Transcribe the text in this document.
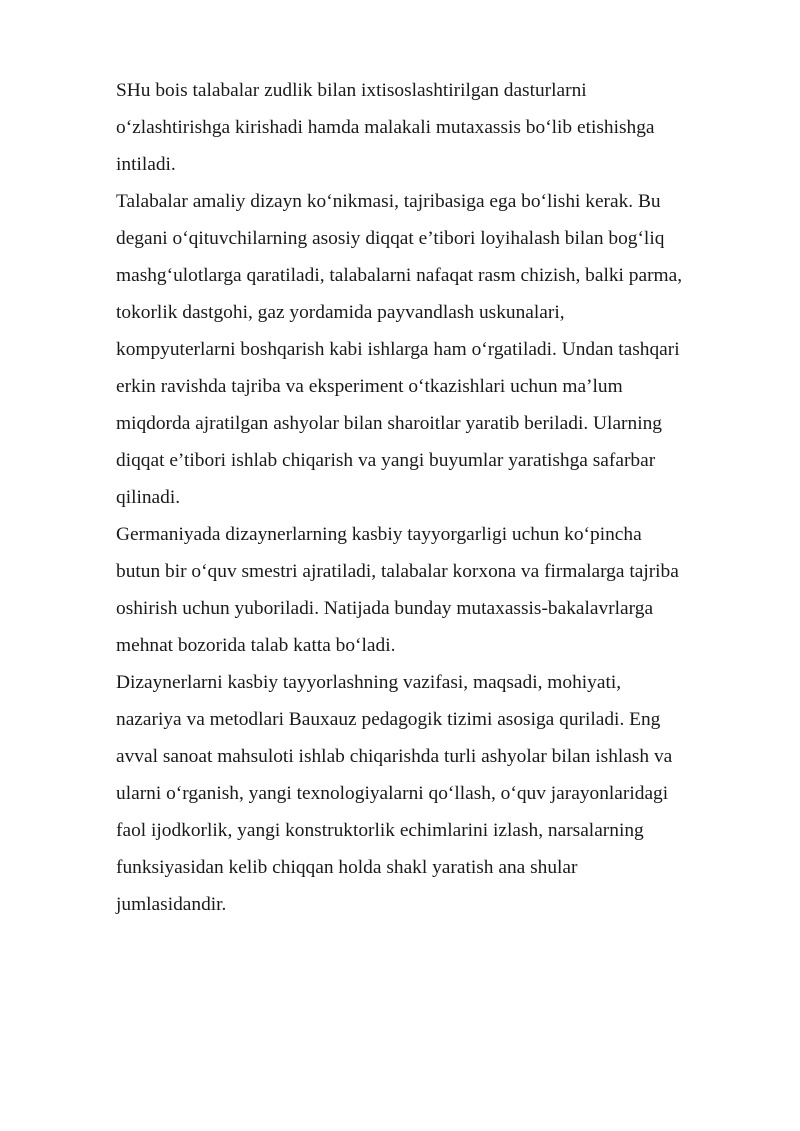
SHu bois talabalar zudlik bilan ixtisoslashtirilgan dasturlarni
o‘zlashtirishga kirishadi hamda malakali mutaxassis bo‘lib etishishga
intiladi.

Talabalar amaliy dizayn ko‘nikmasi, tajribasiga ega bo‘lishi kerak. Bu
degani o‘qituvchilarning asosiy diqqat e’tibori loyihalash bilan bog‘liq
mashg‘ulotlarga qaratiladi, talabalarni nafaqat rasm chizish, balki parma,
tokorlik dastgohi, gaz yordamida payvandlash uskunalari,
kompyuterlarni boshqarish kabi ishlarga ham o‘rgatiladi. Undan tashqari
erkin ravishda tajriba va eksperiment o‘tkazishlari uchun ma’lum
miqdorda ajratilgan ashyolar bilan sharoitlar yaratib beriladi. Ularning
diqqat e’tibori ishlab chiqarish va yangi buyumlar yaratishga safarbar
qilinadi.

Germaniyada dizaynerlarning kasbiy tayyorgarligi uchun ko‘pincha
butun bir o‘quv smestri ajratiladi, talabalar korxona va firmalarga tajriba
oshirish uchun yuboriladi. Natijada bunday mutaxassis-bakalavrlarga
mehnat bozorida talab katta bo‘ladi.

Dizaynerlarni kasbiy tayyorlashning vazifasi, maqsadi, mohiyati,
nazariya va metodlari Bauxauz pedagogik tizimi asosiga quriladi. Eng
avval sanoat mahsuloti ishlab chiqarishda turli ashyolar bilan ishlash va
ularni o‘rganish, yangi texnologiyalarni qo‘llash, o‘quv jarayonlaridagi
faol ijodkorlik, yangi konstruktorlik echimlarini izlash, narsalarning
funksiyasidan kelib chiqqan holda shakl yaratish ana shular
jumlasidandir.
